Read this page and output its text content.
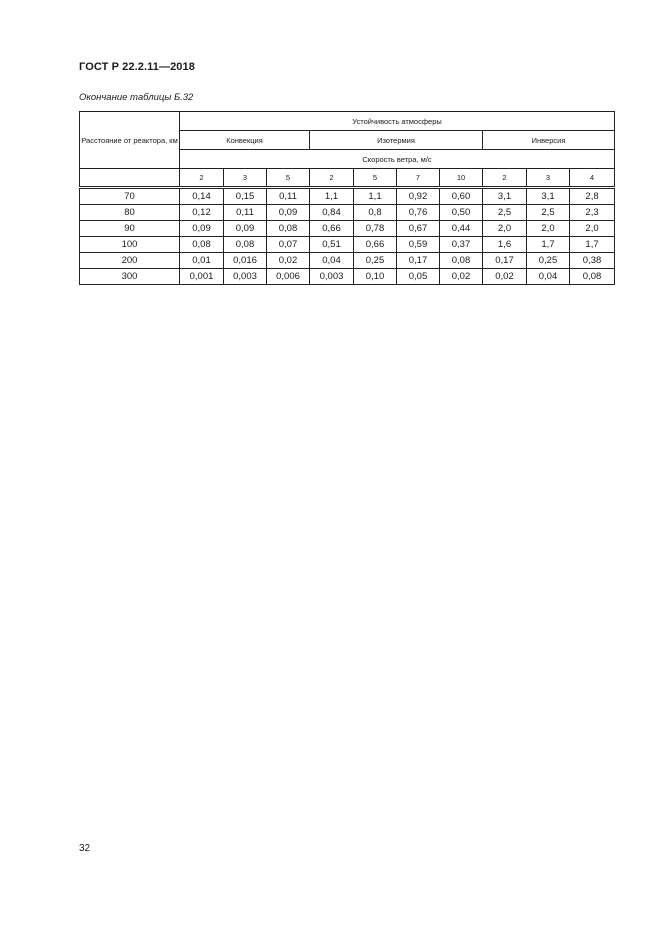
ГОСТ Р 22.2.11—2018
Окончание таблицы Б.32
Расстояние от реактора, км	Устойчивость атмосферы									
	Конвекция			Изотермия				Инверсия		
	Скорость ветра, м/с									
	2	3	5	2	5	7	10	2	3	4
70	0,14	0,15	0,11	1,1	1,1	0,92	0,60	3,1	3,1	2,8
80	0,12	0,11	0,09	0,84	0,8	0,76	0,50	2,5	2,5	2,3
90	0,09	0,09	0,08	0,66	0,78	0,67	0,44	2,0	2,0	2,0
100	0,08	0,08	0,07	0,51	0,66	0,59	0,37	1,6	1,7	1,7
200	0,01	0,016	0,02	0,04	0,25	0,17	0,08	0,17	0,25	0,38
300	0,001	0,003	0,006	0,003	0,10	0,05	0,02	0,02	0,04	0,08
32
